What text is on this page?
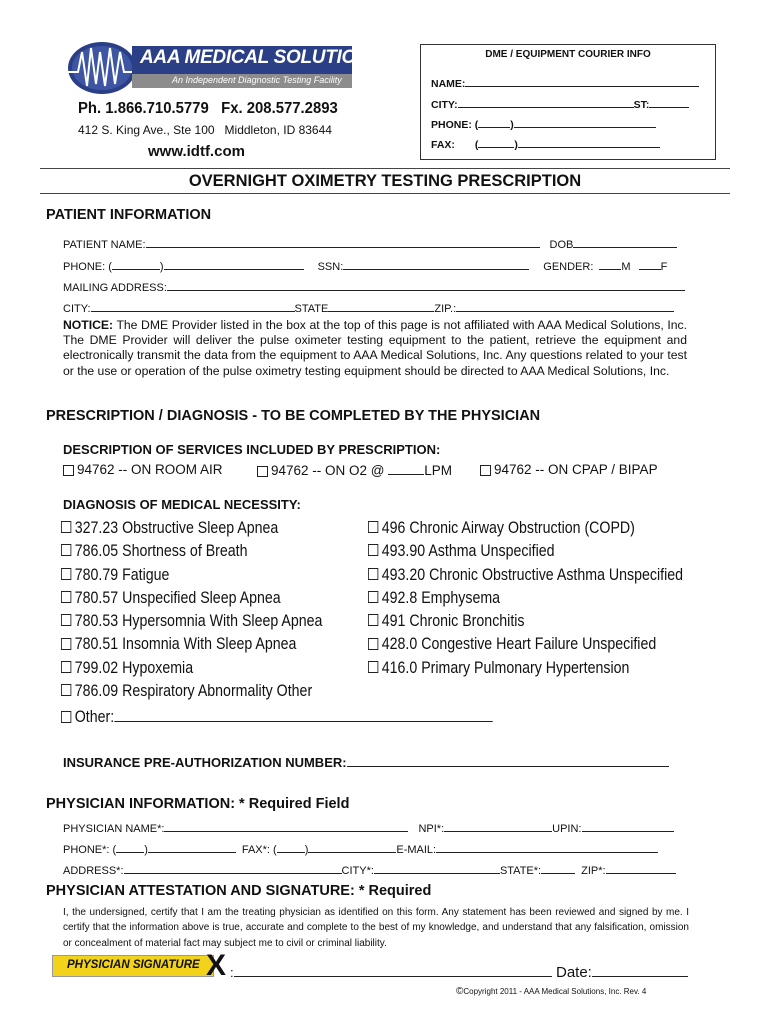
AAA MEDICAL SOLUTIONS
An Independent Diagnostic Testing Facility
Ph. 1.866.710.5779   Fx. 208.577.2893
412 S. King Ave., Ste 100   Middleton, ID 83644
www.idtf.com
DME / EQUIPMENT COURIER INFO
NAME:
CITY:	ST:
PHONE: (	)
FAX: (	)
OVERNIGHT OXIMETRY TESTING PRESCRIPTION
PATIENT INFORMATION
PATIENT NAME:	DOB
PHONE: (	)	SSN:	GENDER:	M	F
MAILING ADDRESS:
CITY:	STATE	ZIP.:
NOTICE: The DME Provider listed in the box at the top of this page is not affiliated with AAA Medical Solutions, Inc. The DME Provider will deliver the pulse oximeter testing equipment to the patient, retrieve the equipment and electronically transmit the data from the equipment to AAA Medical Solutions, Inc. Any questions related to your test or the use or operation of the pulse oximetry testing equipment should be directed to AAA Medical Solutions, Inc.
PRESCRIPTION / DIAGNOSIS - TO BE COMPLETED BY THE PHYSICIAN
DESCRIPTION OF SERVICES INCLUDED BY PRESCRIPTION:
94762 -- ON ROOM AIR	94762 -- ON O2 @	LPM	94762 -- ON CPAP / BIPAP
DIAGNOSIS OF MEDICAL NECESSITY:
327.23 Obstructive Sleep Apnea
786.05 Shortness of Breath
780.79 Fatigue
780.57 Unspecified Sleep Apnea
780.53 Hypersomnia With Sleep Apnea
780.51 Insomnia With Sleep Apnea
799.02 Hypoxemia
786.09 Respiratory Abnormality Other
Other:
496 Chronic Airway Obstruction (COPD)
493.90 Asthma Unspecified
493.20 Chronic Obstructive Asthma Unspecified
492.8 Emphysema
491 Chronic Bronchitis
428.0 Congestive Heart Failure Unspecified
416.0 Primary Pulmonary Hypertension
INSURANCE PRE-AUTHORIZATION NUMBER:
PHYSICIAN INFORMATION: * Required Field
PHYSICIAN NAME*:	NPI*:	UPIN:
PHONE*: (	)	FAX*: (	)	E-MAIL:
ADDRESS*:	CITY*:	STATE*:	ZIP*:
PHYSICIAN ATTESTATION AND SIGNATURE: * Required
I, the undersigned, certify that I am the treating physician as identified on this form. Any statement has been reviewed and signed by me. I certify that the information above is true, accurate and complete to the best of my knowledge, and understand that any falsification, omission or concealment of material fact may subject me to civil or criminal liability.
PHYSICIAN SIGNATURE X :	Date:
©Copyright 2011 - AAA Medical Solutions, Inc. Rev. 4
